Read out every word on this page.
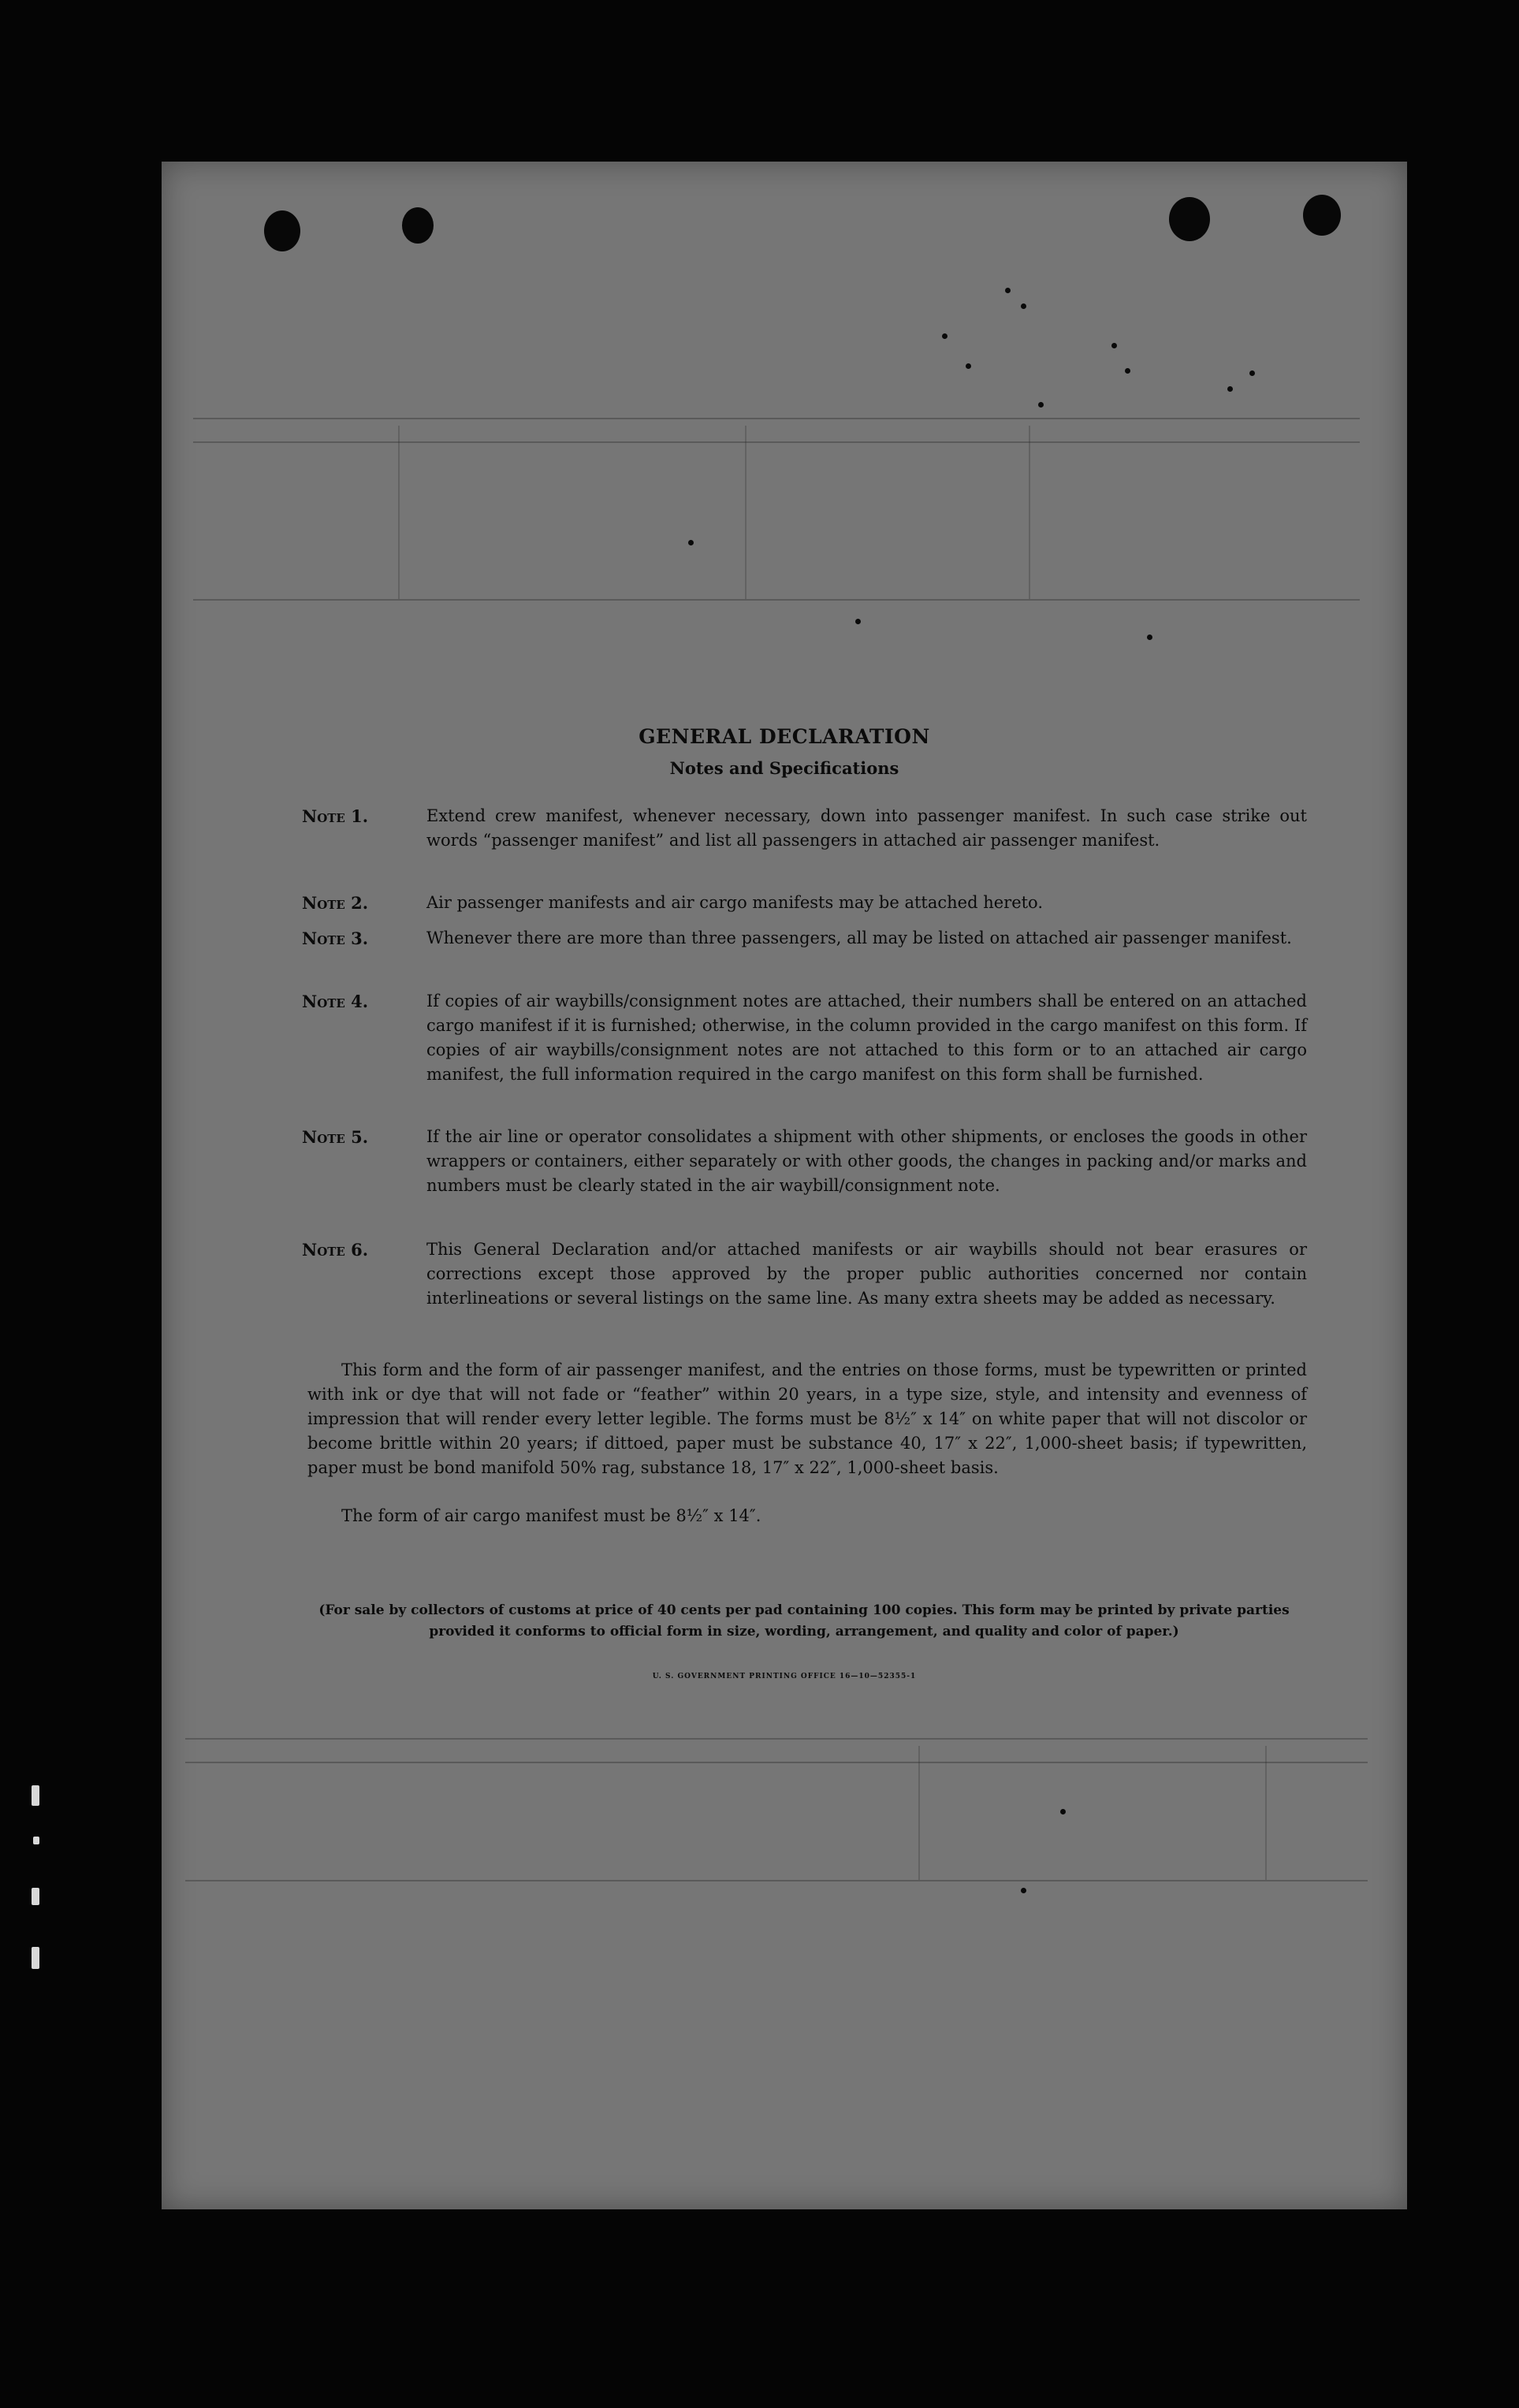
GENERAL DECLARATION
Notes and Specifications
Note 1.	Extend crew manifest, whenever necessary, down into passenger manifest. In such case strike out words “passenger manifest” and list all passengers in attached air passenger manifest.
Note 2.	Air passenger manifests and air cargo manifests may be attached hereto.
Note 3.	Whenever there are more than three passengers, all may be listed on attached air passenger manifest.
Note 4.	If copies of air waybills/consignment notes are attached, their numbers shall be entered on an attached cargo manifest if it is furnished; otherwise, in the column provided in the cargo manifest on this form. If copies of air waybills/consignment notes are not attached to this form or to an attached air cargo manifest, the full information required in the cargo manifest on this form shall be furnished.
Note 5.	If the air line or operator consolidates a shipment with other shipments, or encloses the goods in other wrappers or containers, either separately or with other goods, the changes in packing and/or marks and numbers must be clearly stated in the air waybill/consignment note.
Note 6.	This General Declaration and/or attached manifests or air waybills should not bear erasures or corrections except those approved by the proper public authorities concerned nor contain interlineations or several listings on the same line. As many extra sheets may be added as necessary.
This form and the form of air passenger manifest, and the entries on those forms, must be typewritten or printed with ink or dye that will not fade or “feather” within 20 years, in a type size, style, and intensity and evenness of impression that will render every letter legible. The forms must be 8½″ x 14″ on white paper that will not discolor or become brittle within 20 years; if dittoed, paper must be substance 40, 17″ x 22″, 1,000-sheet basis; if typewritten, paper must be bond manifold 50% rag, substance 18, 17″ x 22″, 1,000-sheet basis.
The form of air cargo manifest must be 8½″ x 14″.
(For sale by collectors of customs at price of 40 cents per pad containing 100 copies. This form may be printed by private parties provided it conforms to official form in size, wording, arrangement, and quality and color of paper.)
U. S. GOVERNMENT PRINTING OFFICE 16—10—52355-1
